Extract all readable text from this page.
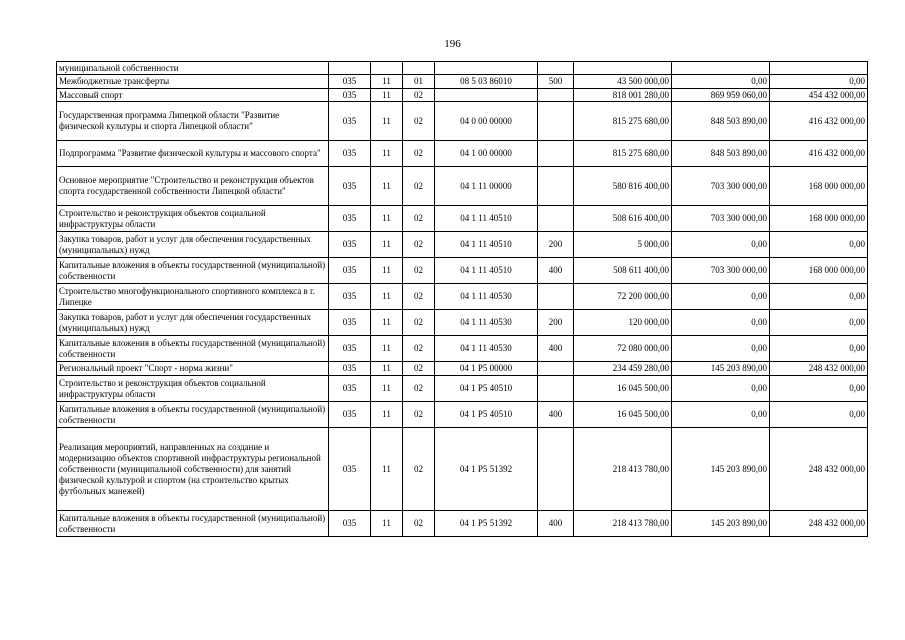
196
муниципальной собственности								
Межбюджетные трансферты	035	11	01	08 5 03 86010	500	43 500 000,00	0,00	0,00
Массовый спорт	035	11	02			818 001 280,00	869 959 060,00	454 432 000,00
Государственная программа Липецкой области "Развитие физической культуры и спорта Липецкой области"	035	11	02	04 0 00 00000		815 275 680,00	848 503 890,00	416 432 000,00
Подпрограмма "Развитие физической культуры и массового спорта"	035	11	02	04 1 00 00000		815 275 680,00	848 503 890,00	416 432 000,00
Основное мероприятие "Строительство и реконструкция объектов спорта государственной собственности Липецкой области"	035	11	02	04 1 11 00000		580 816 400,00	703 300 000,00	168 000 000,00
Строительство и реконструкция объектов социальной инфраструктуры области	035	11	02	04 1 11 40510		508 616 400,00	703 300 000,00	168 000 000,00
Закупка товаров, работ и услуг для обеспечения государственных (муниципальных) нужд	035	11	02	04 1 11 40510	200	5 000,00	0,00	0,00
Капитальные вложения в объекты государственной (муниципальной) собственности	035	11	02	04 1 11 40510	400	508 611 400,00	703 300 000,00	168 000 000,00
Строительство многофункционального спортивного комплекса в г. Липецке	035	11	02	04 1 11 40530		72 200 000,00	0,00	0,00
Закупка товаров, работ и услуг для обеспечения государственных (муниципальных) нужд	035	11	02	04 1 11 40530	200	120 000,00	0,00	0,00
Капитальные вложения в объекты государственной (муниципальной) собственности	035	11	02	04 1 11 40530	400	72 080 000,00	0,00	0,00
Региональный проект "Спорт - норма жизни"	035	11	02	04 1 P5 00000		234 459 280,00	145 203 890,00	248 432 000,00
Строительство и реконструкция объектов социальной инфраструктуры области	035	11	02	04 1 P5 40510		16 045 500,00	0,00	0,00
Капитальные вложения в объекты государственной (муниципальной) собственности	035	11	02	04 1 P5 40510	400	16 045 500,00	0,00	0,00
Реализация мероприятий, направленных на создание и модернизацию объектов спортивной инфраструктуры региональной собственности (муниципальной собственности) для занятий физической культурой и спортом (на строительство крытых футбольных манежей)	035	11	02	04 1 P5 51392		218 413 780,00	145 203 890,00	248 432 000,00
Капитальные вложения в объекты государственной (муниципальной) собственности	035	11	02	04 1 P5 51392	400	218 413 780,00	145 203 890,00	248 432 000,00
